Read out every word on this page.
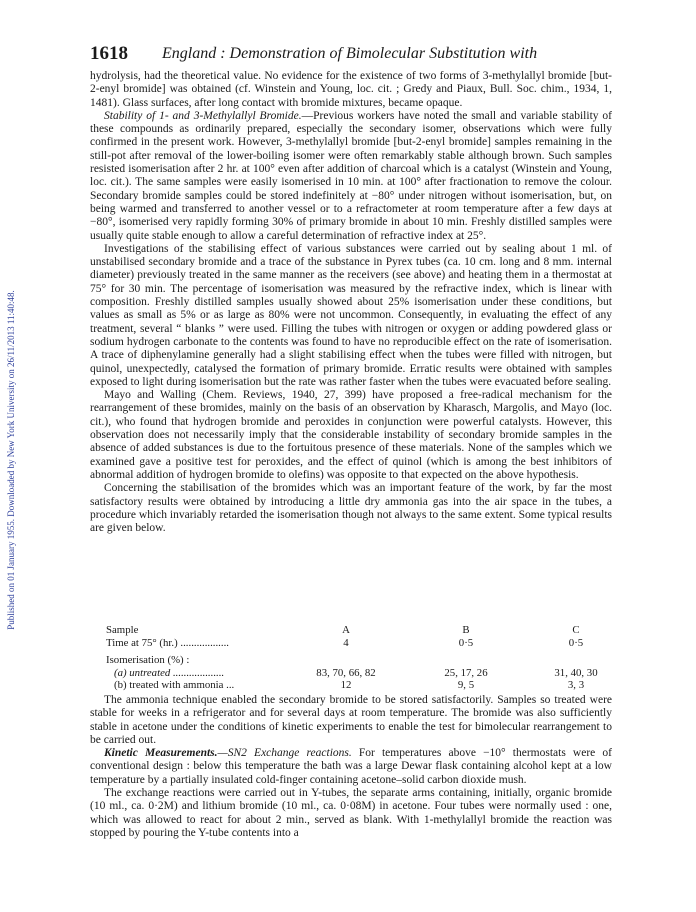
Published on 01 January 1955. Downloaded by New York University on 26/11/2013 11:40:48.
1618 England : Demonstration of Bimolecular Substitution with

hydrolysis, had the theoretical value. No evidence for the existence of two forms of 3-methylallyl bromide [but-2-enyl bromide] was obtained (cf. Winstein and Young, loc. cit. ; Gredy and Piaux, Bull. Soc. chim., 1934, 1, 1481). Glass surfaces, after long contact with bromide mixtures, became opaque.

Stability of 1- and 3-Methylallyl Bromide.—Previous workers have noted the small and variable stability of these compounds as ordinarily prepared, especially the secondary isomer, observations which were fully confirmed in the present work. However, 3-methylallyl bromide [but-2-enyl bromide] samples remaining in the still-pot after removal of the lower-boiling isomer were often remarkably stable although brown. Such samples resisted isomerisation after 2 hr. at 100° even after addition of charcoal which is a catalyst (Winstein and Young, loc. cit.). The same samples were easily isomerised in 10 min. at 100° after fractionation to remove the colour. Secondary bromide samples could be stored indefinitely at −80° under nitrogen without isomerisation, but, on being warmed and transferred to another vessel or to a refractometer at room temperature after a few days at −80°, isomerised very rapidly forming 30% of primary bromide in about 10 min. Freshly distilled samples were usually quite stable enough to allow a careful determination of refractive index at 25°.

Investigations of the stabilising effect of various substances were carried out by sealing about 1 ml. of unstabilised secondary bromide and a trace of the substance in Pyrex tubes (ca. 10 cm. long and 8 mm. internal diameter) previously treated in the same manner as the receivers (see above) and heating them in a thermostat at 75° for 30 min. The percentage of isomerisation was measured by the refractive index, which is linear with composition. Freshly distilled samples usually showed about 25% isomerisation under these conditions, but values as small as 5% or as large as 80% were not uncommon. Consequently, in evaluating the effect of any treatment, several “ blanks ” were used. Filling the tubes with nitrogen or oxygen or adding powdered glass or sodium hydrogen carbonate to the contents was found to have no reproducible effect on the rate of isomerisation. A trace of diphenylamine generally had a slight stabilising effect when the tubes were filled with nitrogen, but quinol, unexpectedly, catalysed the formation of primary bromide. Erratic results were obtained with samples exposed to light during isomerisation but the rate was rather faster when the tubes were evacuated before sealing.

Mayo and Walling (Chem. Reviews, 1940, 27, 399) have proposed a free-radical mechanism for the rearrangement of these bromides, mainly on the basis of an observation by Kharasch, Margolis, and Mayo (loc. cit.), who found that hydrogen bromide and peroxides in conjunction were powerful catalysts. However, this observation does not necessarily imply that the considerable instability of secondary bromide samples in the absence of added substances is due to the fortuitous presence of these materials. None of the samples which we examined gave a positive test for peroxides, and the effect of quinol (which is among the best inhibitors of abnormal addition of hydrogen bromide to olefins) was opposite to that expected on the above hypothesis.

Concerning the stabilisation of the bromides which was an important feature of the work, by far the most satisfactory results were obtained by introducing a little dry ammonia gas into the air space in the tubes, a procedure which invariably retarded the isomerisation though not always to the same extent. Some typical results are given below.

Sample	A	B	C
Time at 75° (hr.) ..................	4	0·5	0·5
Isomerisation (%) :
(a) untreated ...................	83, 70, 66, 82	25, 17, 26	31, 40, 30
(b) treated with ammonia ...	12	9, 5	3, 3

The ammonia technique enabled the secondary bromide to be stored satisfactorily. Samples so treated were stable for weeks in a refrigerator and for several days at room temperature. The bromide was also sufficiently stable in acetone under the conditions of kinetic experiments to enable the test for bimolecular rearrangement to be carried out.

Kinetic Measurements.—SN2 Exchange reactions. For temperatures above −10° thermostats were of conventional design : below this temperature the bath was a large Dewar flask containing alcohol kept at a low temperature by a partially insulated cold-finger containing acetone–solid carbon dioxide mush.

The exchange reactions were carried out in Y-tubes, the separate arms containing, initially, organic bromide (10 ml., ca. 0·2M) and lithium bromide (10 ml., ca. 0·08M) in acetone. Four tubes were normally used : one, which was allowed to react for about 2 min., served as blank. With 1-methylallyl bromide the reaction was stopped by pouring the Y-tube contents into a
